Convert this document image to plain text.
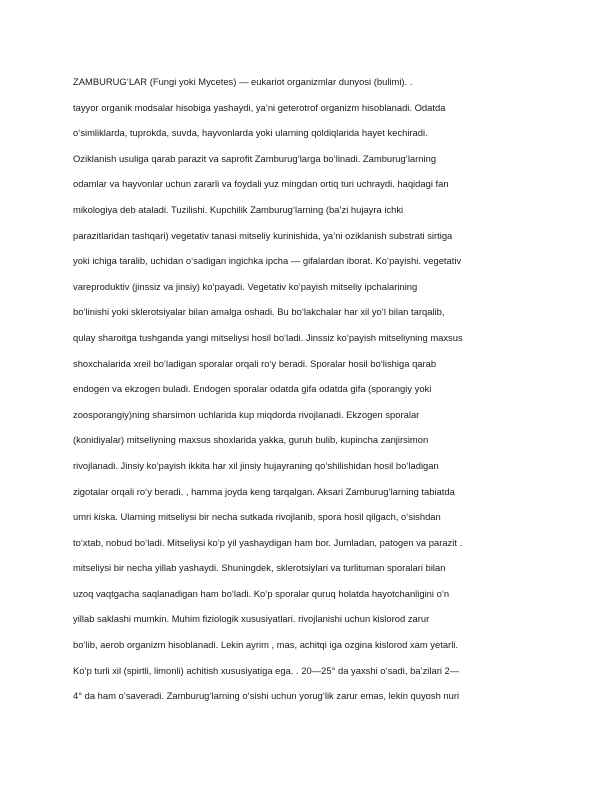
ZAMBURUG‘LAR (Fungi yoki Mycetes) — eukariot organizmlar dunyosi (bulimi). .
tayyor organik modsalar hisobiga yashaydi, ya’ni geterotrof organizm hisoblanadi. Odatda
o‘simliklarda, tuprokda, suvda, hayvonlarda yoki ularning qoldiqlarida hayet kechiradi.
Oziklanish usuliga qarab parazit va saprofit Zamburug‘larga bo‘linadi. Zamburug‘larning
odamlar va hayvonlar uchun zararli va foydali yuz mingdan ortiq turi uchraydi. haqidagi fan
mikologiya deb ataladi. Tuzilishi. Kupchilik Zamburug‘larning (ba’zi hujayra ichki
parazitlaridan tashqari) vegetativ tanasi mitseliy kurinishida, ya’ni oziklanish substrati sirtiga
yoki ichiga taralib, uchidan o‘sadigan ingichka ipcha — gifalardan iborat. Ko‘payishi. vegetativ
vareproduktiv (jinssiz va jinsiy) ko‘payadi. Vegetativ ko‘payish mitseliy ipchalarining
bo‘linishi yoki sklerotsiyalar bilan amalga oshadi. Bu bo‘lakchalar har xil yo‘l bilan tarqalib,
qulay sharoitga tushganda yangi mitseliysi hosil bo‘ladi. Jinssiz ko‘payish mitseliyning maxsus
shoxchalarida xreil bo‘ladigan sporalar orqali ro‘y beradi. Sporalar hosil bo‘lishiga qarab
endogen va ekzogen buladi. Endogen sporalar odatda gifa odatda gifa (sporangiy yoki
zoosporangiy)ning sharsimon uchlarida kup miqdorda rivojlanadi. Ekzogen sporalar
(konidiyalar) mitseliyning maxsus shoxlarida yakka, guruh bulib, kupincha zanjirsimon
rivojlanadi. Jinsiy ko‘payish ikkita har xil jinsiy hujayraning qo‘shilishidan hosil bo‘ladigan
zigotalar orqali ro‘y beradi. , hamma joyda keng tarqalgan. Aksari Zamburug‘larning tabiatda
umri kiska. Ularning mitseliysi bir necha sutkada rivojlanib, spora hosil qilgach, o‘sishdan
to‘xtab, nobud bo‘ladi. Mitseliysi ko‘p yil yashaydigan ham bor. Jumladan, patogen va parazit .
mitseliysi bir necha yillab yashaydi. Shuningdek, sklerotsiylari va turlituman sporalari bilan
uzoq vaqtgacha saqlanadigan ham bo‘ladi. Ko‘p sporalar quruq holatda hayotchanligini o‘n
yillab saklashi mumkin. Muhim fiziologik xususiyatlari. rivojlanishi uchun kislorod zarur
bo‘lib, aerob organizm hisoblanadi. Lekin ayrim , mas, achitqi iga ozgina kislorod xam yetarli.
Ko‘p turli xil (spirtli, limonli) achitish xususiyatiga ega. . 20—25° da yaxshi o‘sadi, ba’zilari 2—
4° da ham o‘saveradi. Zamburug‘larning o‘sishi uchun yorug‘lik zarur emas, lekin quyosh nuri
